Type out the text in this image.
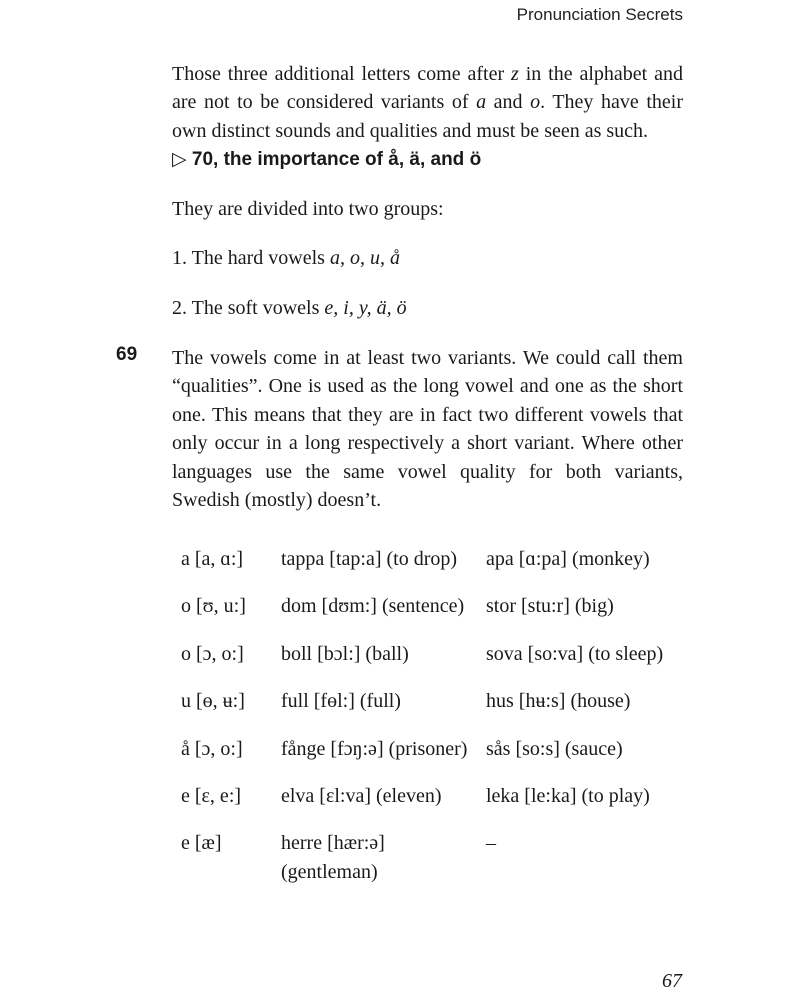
Pronunciation Secrets
Those three additional letters come after z in the alphabet and are not to be considered variants of a and o. They have their own distinct sounds and qualities and must be seen as such.
▷ 70, the importance of å, ä, and ö
They are divided into two groups:
1. The hard vowels a, o, u, å
2. The soft vowels e, i, y, ä, ö
69 The vowels come in at least two variants. We could call them “qualities”. One is used as the long vowel and one as the short one. This means that they are in fact two different vowels that only occur in a long respectively a short variant. Where other languages use the same vowel quality for both variants, Swedish (mostly) doesn’t.
a [a, ɑ:]	tappa [tap:a] (to drop)	apa [ɑ:pa] (monkey)
o [ʊ, u:]	dom [dʊm:] (sentence)	stor [stu:r] (big)
o [ɔ, o:]	boll [bɔl:] (ball)	sova [so:va] (to sleep)
u [ɵ, ʉ:]	full [fɵl:] (full)	hus [hʉ:s] (house)
å [ɔ, o:]	fånge [fɔŋ:ə] (prisoner)	sås [so:s] (sauce)
e [ɛ, e:]	elva [ɛl:va] (eleven)	leka [le:ka] (to play)
e [æ]	herre [hær:ə] (gentleman)	–
67
